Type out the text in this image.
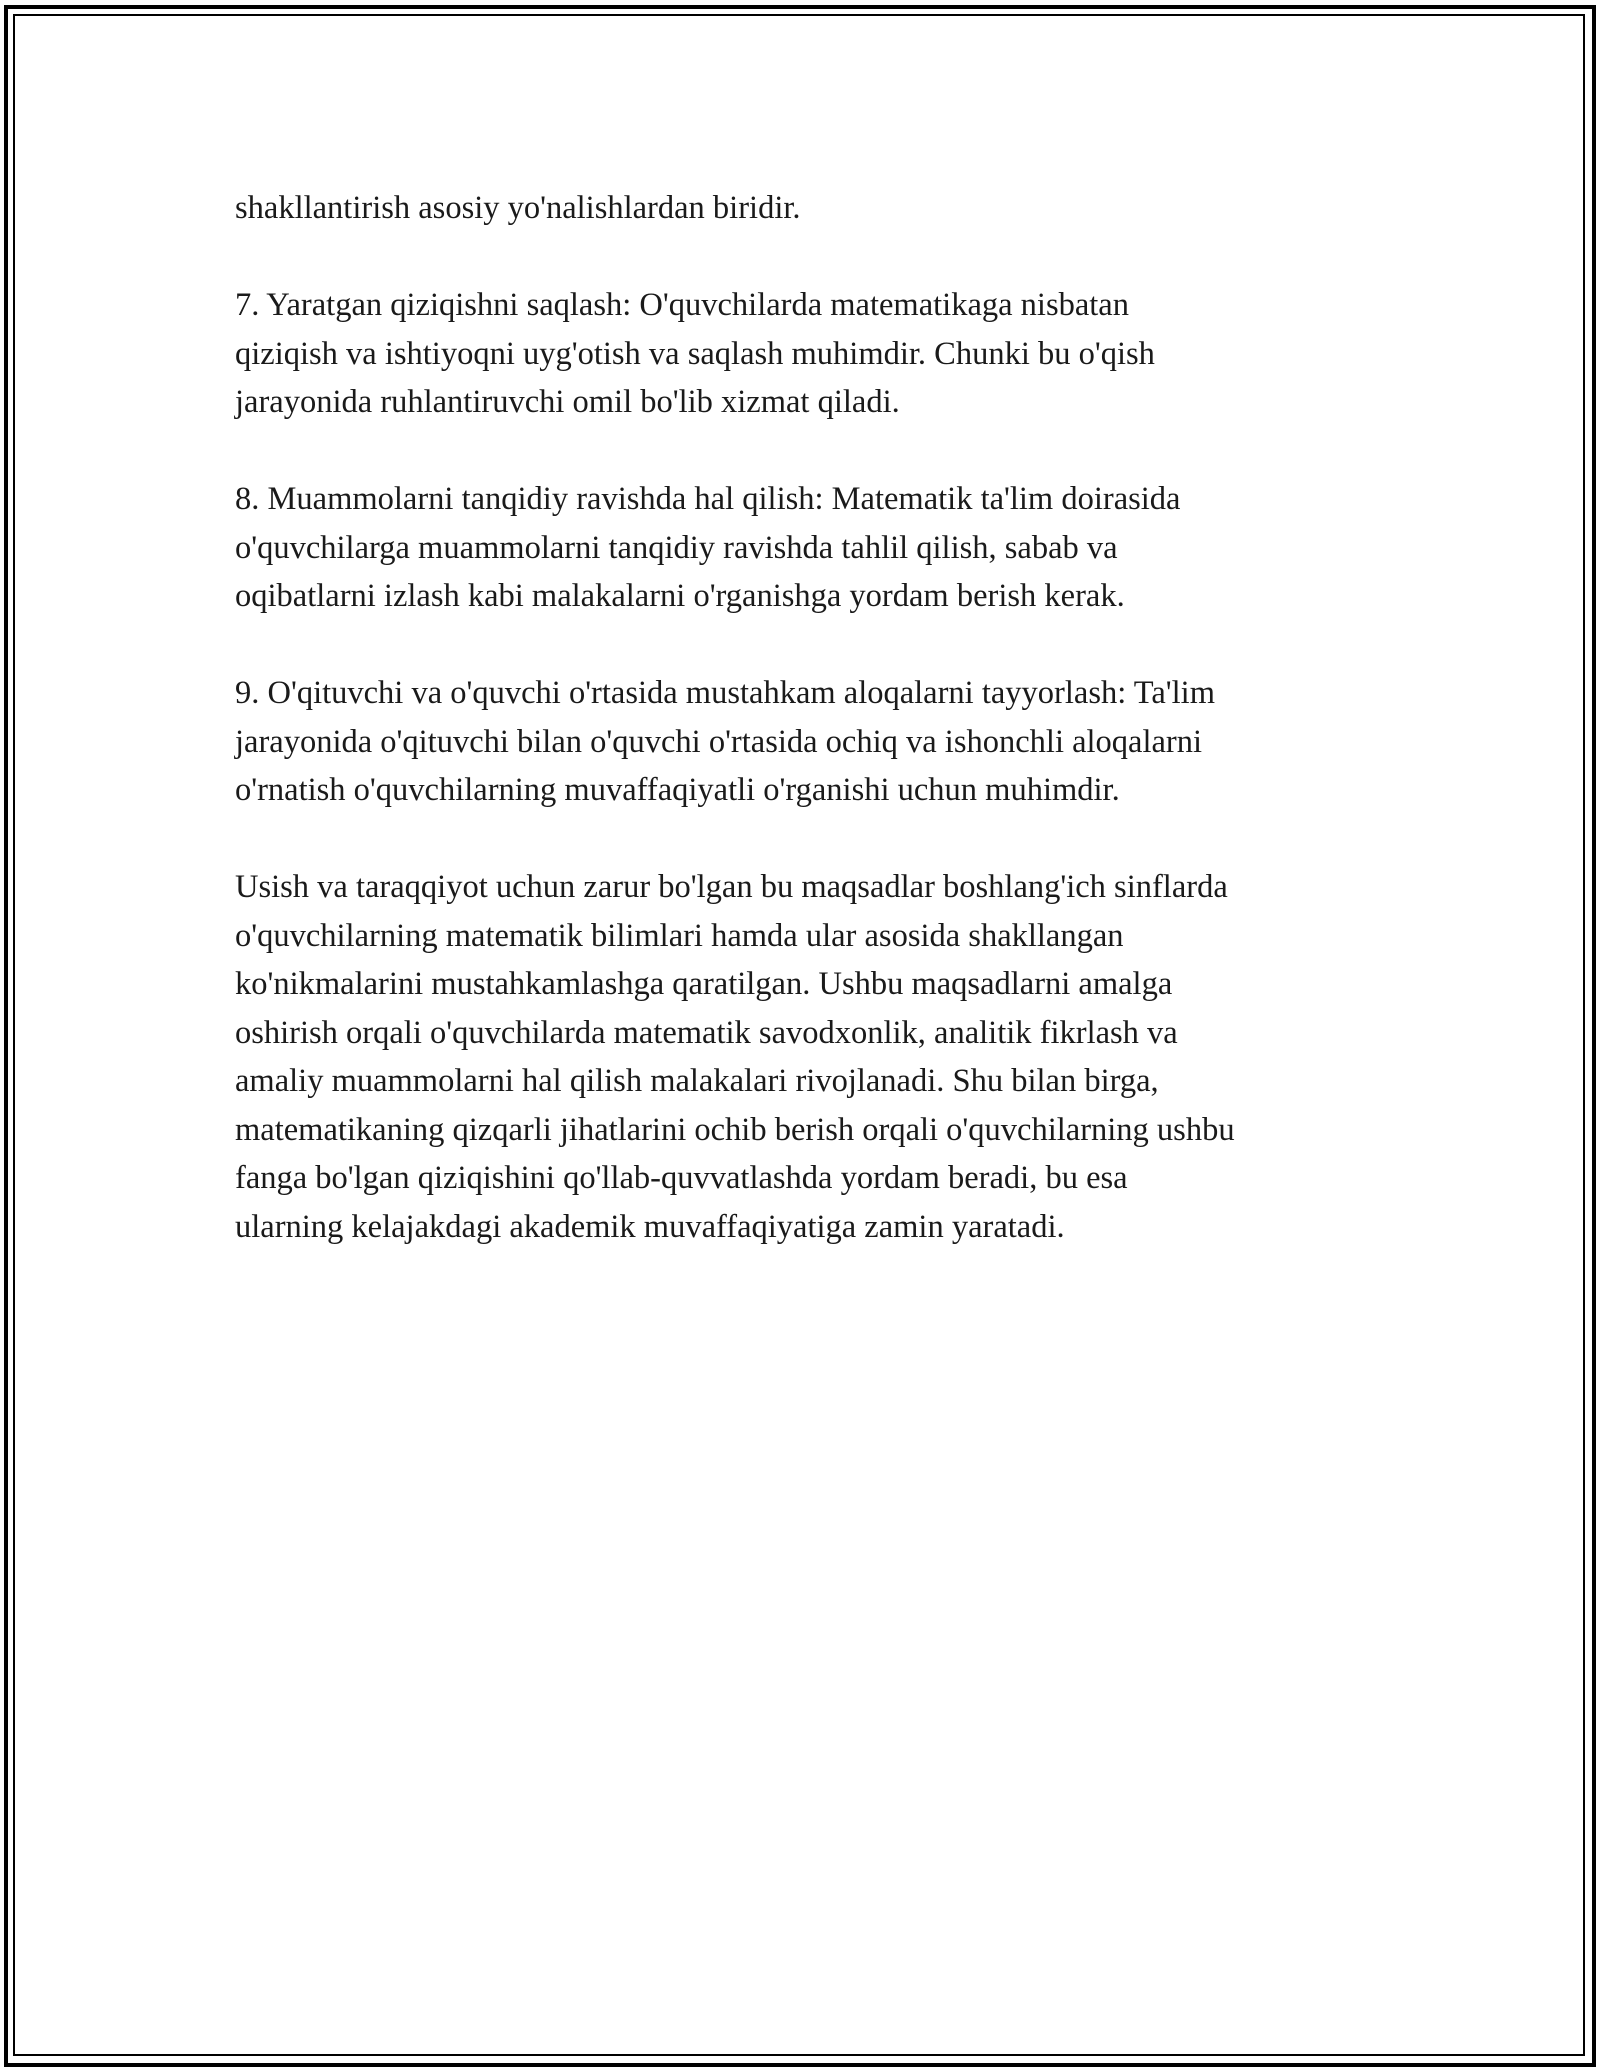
shakllantirish asosiy yo'nalishlardan biridir.

7. Yaratgan qiziqishni saqlash: O'quvchilarda matematikaga nisbatan
qiziqish va ishtiyoqni uyg'otish va saqlash muhimdir. Chunki bu o'qish
jarayonida ruhlantiruvchi omil bo'lib xizmat qiladi.

8. Muammolarni tanqidiy ravishda hal qilish: Matematik ta'lim doirasida
o'quvchilarga muammolarni tanqidiy ravishda tahlil qilish, sabab va
oqibatlarni izlash kabi malakalarni o'rganishga yordam berish kerak.

9. O'qituvchi va o'quvchi o'rtasida mustahkam aloqalarni tayyorlash: Ta'lim
jarayonida o'qituvchi bilan o'quvchi o'rtasida ochiq va ishonchli aloqalarni
o'rnatish o'quvchilarning muvaffaqiyatli o'rganishi uchun muhimdir.

Usish va taraqqiyot uchun zarur bo'lgan bu maqsadlar boshlang'ich sinflarda
o'quvchilarning matematik bilimlari hamda ular asosida shakllangan
ko'nikmalarini mustahkamlashga qaratilgan. Ushbu maqsadlarni amalga
oshirish orqali o'quvchilarda matematik savodxonlik, analitik fikrlash va
amaliy muammolarni hal qilish malakalari rivojlanadi. Shu bilan birga,
matematikaning qizqarli jihatlarini ochib berish orqali o'quvchilarning ushbu
fanga bo'lgan qiziqishini qo'llab-quvvatlashda yordam beradi, bu esa
ularning kelajakdagi akademik muvaffaqiyatiga zamin yaratadi.
